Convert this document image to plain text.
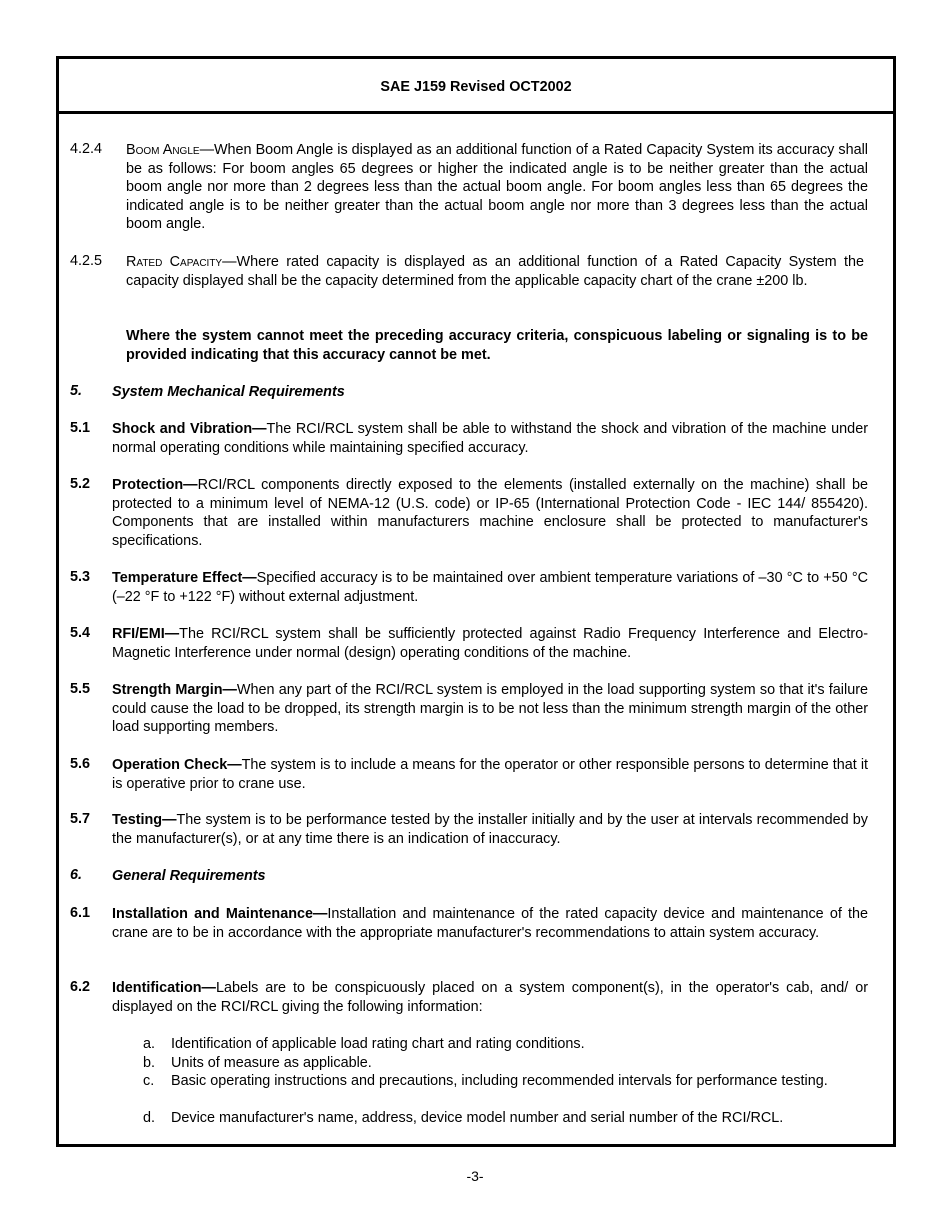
SAE J159 Revised OCT2002
4.2.4 Boom Angle—When Boom Angle is displayed as an additional function of a Rated Capacity System its accuracy shall be as follows: For boom angles 65 degrees or higher the indicated angle is to be neither greater than the actual boom angle nor more than 2 degrees less than the actual boom angle. For boom angles less than 65 degrees the indicated angle is to be neither greater than the actual boom angle nor more than 3 degrees less than the actual boom angle.
4.2.5 Rated Capacity—Where rated capacity is displayed as an additional function of a Rated Capacity System the capacity displayed shall be the capacity determined from the applicable capacity chart of the crane ±200 lb.
Where the system cannot meet the preceding accuracy criteria, conspicuous labeling or signaling is to be provided indicating that this accuracy cannot be met.
5. System Mechanical Requirements
5.1 Shock and Vibration—The RCI/RCL system shall be able to withstand the shock and vibration of the machine under normal operating conditions while maintaining specified accuracy.
5.2 Protection—RCI/RCL components directly exposed to the elements (installed externally on the machine) shall be protected to a minimum level of NEMA-12 (U.S. code) or IP-65 (International Protection Code - IEC 144/ 855420). Components that are installed within manufacturers machine enclosure shall be protected to manufacturer's specifications.
5.3 Temperature Effect—Specified accuracy is to be maintained over ambient temperature variations of –30 °C to +50 °C (–22 °F to +122 °F) without external adjustment.
5.4 RFI/EMI—The RCI/RCL system shall be sufficiently protected against Radio Frequency Interference and Electro-Magnetic Interference under normal (design) operating conditions of the machine.
5.5 Strength Margin—When any part of the RCI/RCL system is employed in the load supporting system so that it's failure could cause the load to be dropped, its strength margin is to be not less than the minimum strength margin of the other load supporting members.
5.6 Operation Check—The system is to include a means for the operator or other responsible persons to determine that it is operative prior to crane use.
5.7 Testing—The system is to be performance tested by the installer initially and by the user at intervals recommended by the manufacturer(s), or at any time there is an indication of inaccuracy.
6. General Requirements
6.1 Installation and Maintenance—Installation and maintenance of the rated capacity device and maintenance of the crane are to be in accordance with the appropriate manufacturer's recommendations to attain system accuracy.
6.2 Identification—Labels are to be conspicuously placed on a system component(s), in the operator's cab, and/ or displayed on the RCI/RCL giving the following information:
a. Identification of applicable load rating chart and rating conditions.
b. Units of measure as applicable.
c. Basic operating instructions and precautions, including recommended intervals for performance testing.
d. Device manufacturer's name, address, device model number and serial number of the RCI/RCL.
-3-
